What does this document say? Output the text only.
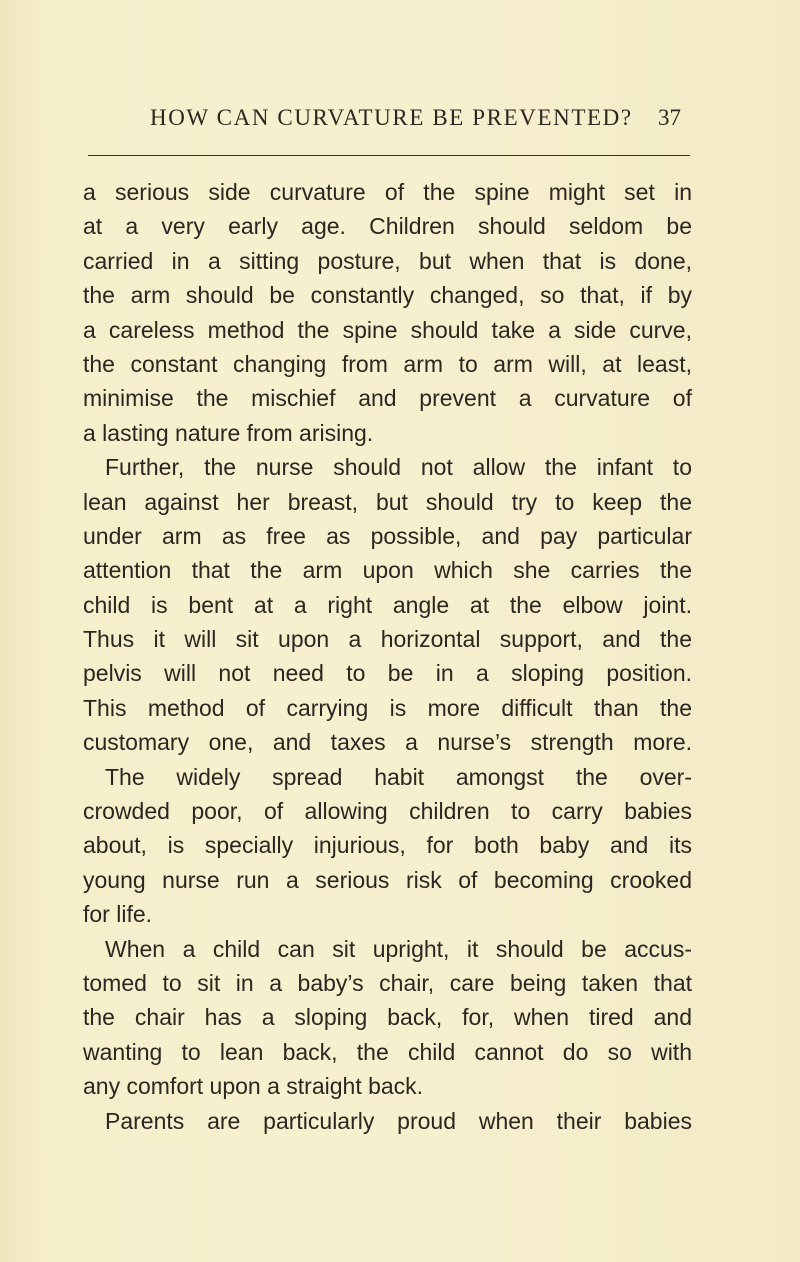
HOW CAN CURVATURE BE PREVENTED? 37
a serious side curvature of the spine might set in
at a very early age. Children should seldom be
carried in a sitting posture, but when that is done,
the arm should be constantly changed, so that, if by
a careless method the spine should take a side curve,
the constant changing from arm to arm will, at least,
minimise the mischief and prevent a curvature of
a lasting nature from arising.
Further, the nurse should not allow the infant to
lean against her breast, but should try to keep the
under arm as free as possible, and pay particular
attention that the arm upon which she carries the
child is bent at a right angle at the elbow joint.
Thus it will sit upon a horizontal support, and the
pelvis will not need to be in a sloping position.
This method of carrying is more difficult than the
customary one, and taxes a nurse’s strength more.
The widely spread habit amongst the over-
crowded poor, of allowing children to carry babies
about, is specially injurious, for both baby and its
young nurse run a serious risk of becoming crooked
for life.
When a child can sit upright, it should be accus-
tomed to sit in a baby’s chair, care being taken that
the chair has a sloping back, for, when tired and
wanting to lean back, the child cannot do so with
any comfort upon a straight back.
Parents are particularly proud when their babies
